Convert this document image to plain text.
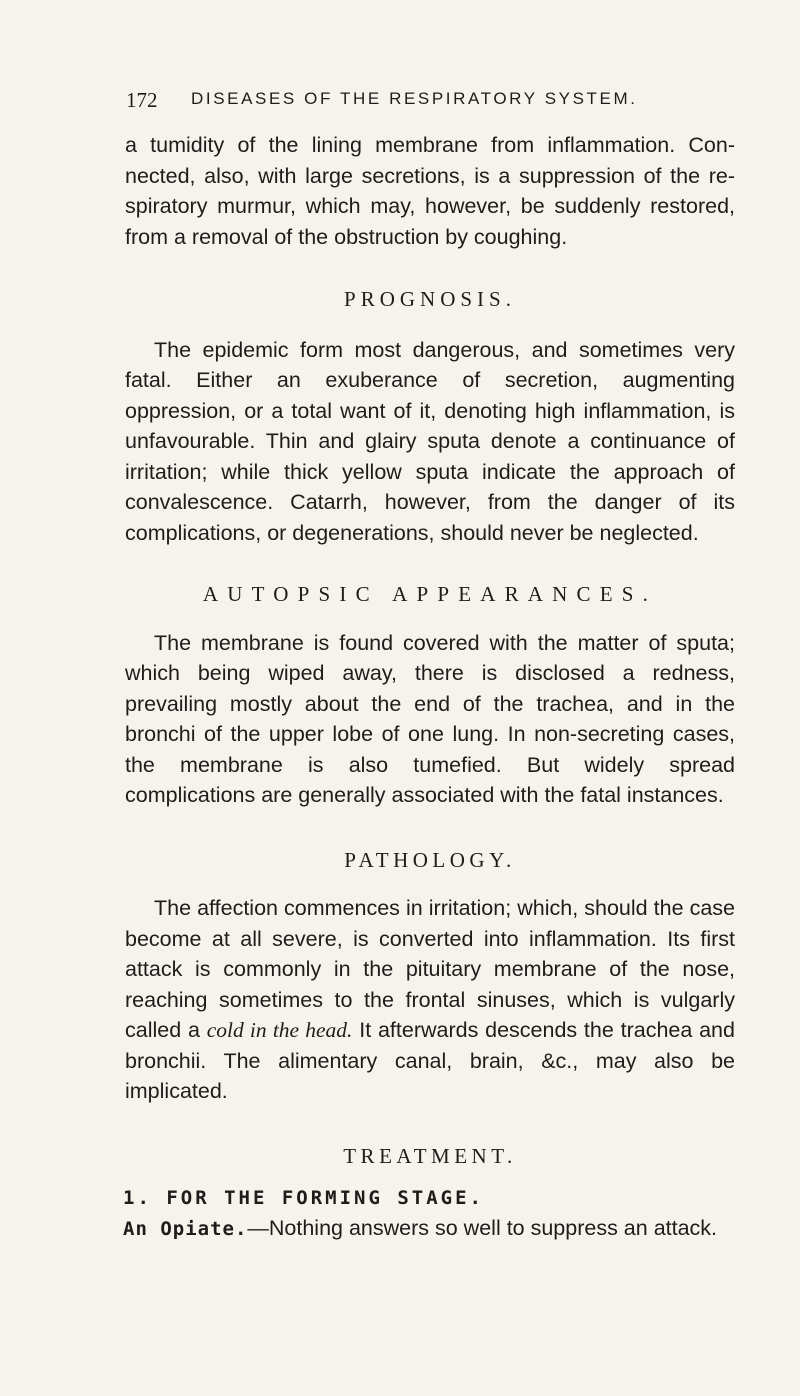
172 DISEASES OF THE RESPIRATORY SYSTEM.

a tumidity of the lining membrane from inflammation. Con- nected, also, with large secretions, is a suppression of the re- spiratory murmur, which may, however, be suddenly restored, from a removal of the obstruction by coughing.

PROGNOSIS.

The epidemic form most dangerous, and sometimes very fatal. Either an exuberance of secretion, augmenting oppression, or a total want of it, denoting high inflammation, is unfavourable. Thin and glairy sputa denote a continuance of irritation; while thick yellow sputa indicate the approach of convalescence. Catarrh, however, from the danger of its complications, or degenerations, should never be neglected.

AUTOPSIC APPEARANCES.

The membrane is found covered with the matter of sputa; which being wiped away, there is disclosed a redness, prevailing mostly about the end of the trachea, and in the bronchi of the upper lobe of one lung. In non-secreting cases, the membrane is also tumefied. But widely spread complications are generally associated with the fatal instances.

PATHOLOGY.

The affection commences in irritation; which, should the case become at all severe, is converted into inflammation. Its first attack is commonly in the pituitary membrane of the nose, reaching sometimes to the frontal sinuses, which is vulgarly called a cold in the head. It afterwards descends the trachea and bronchii. The alimentary canal, brain, &c., may also be implicated.

TREATMENT.
1. FOR THE FORMING STAGE.
An Opiate.—Nothing answers so well to suppress an attack.
